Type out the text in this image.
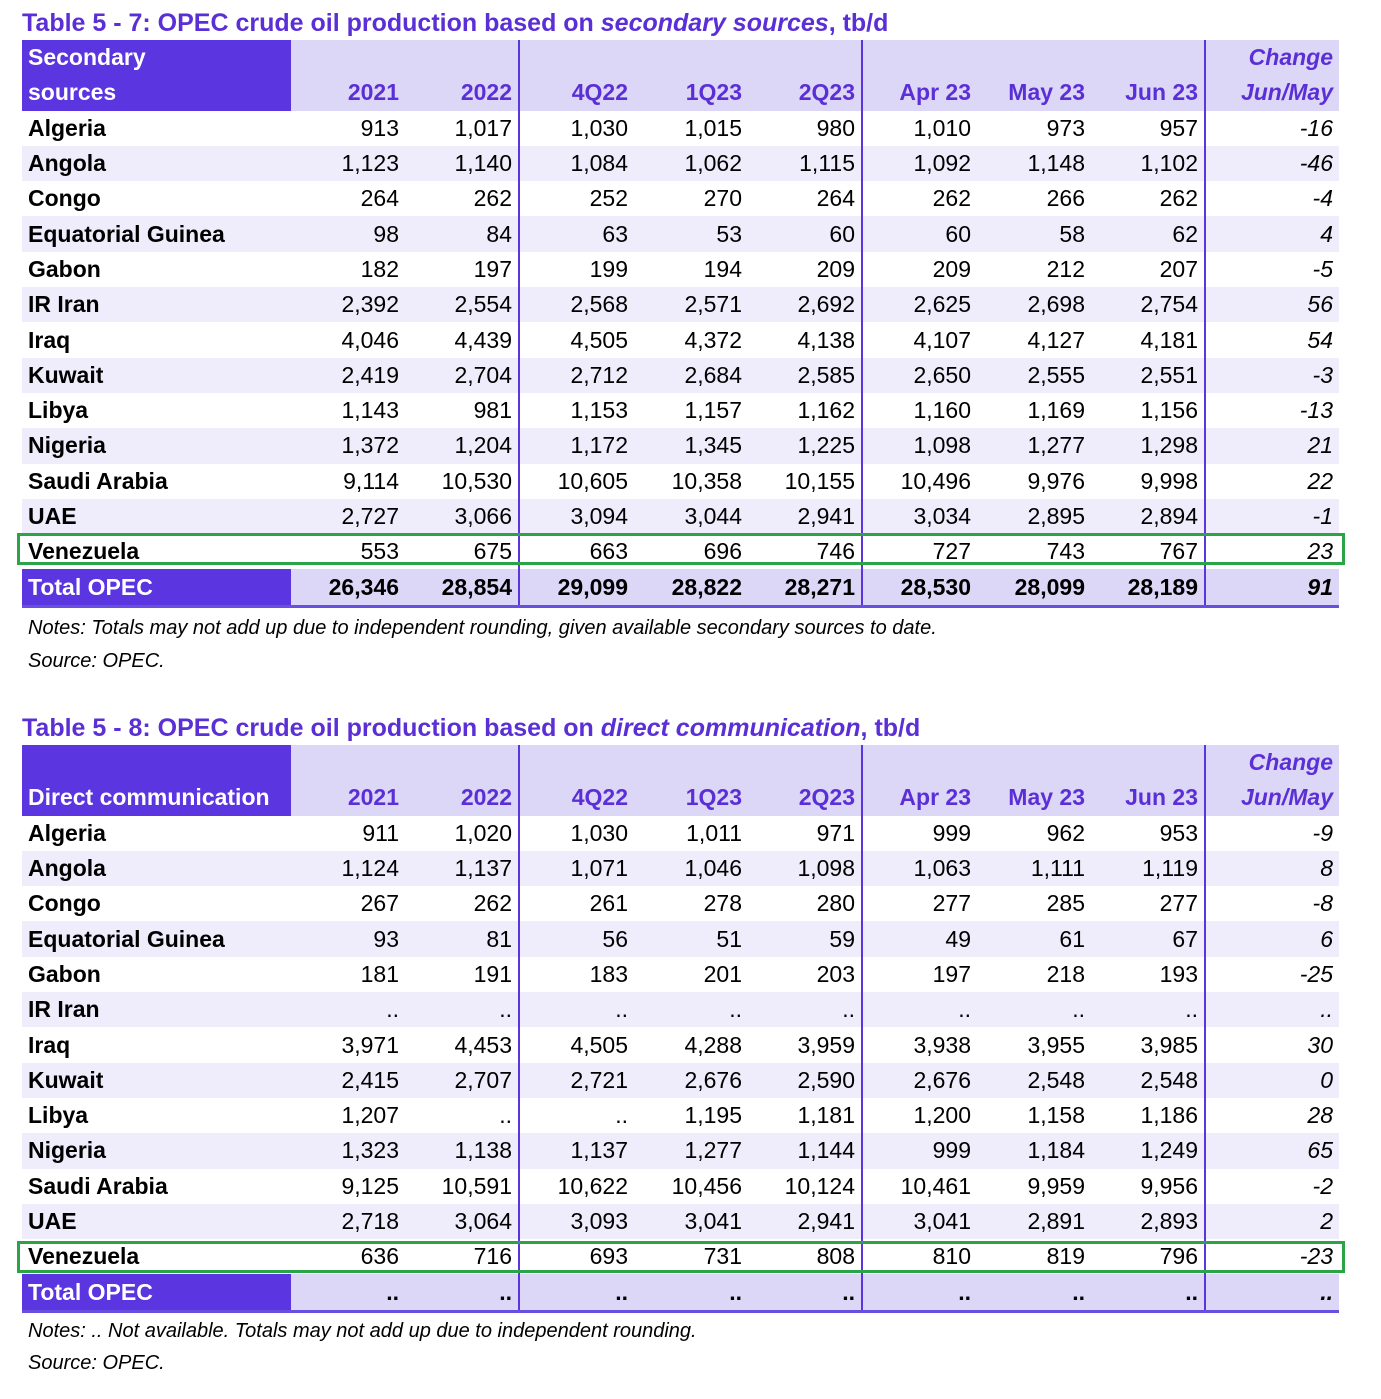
Table 5 - 7: OPEC crude oil production based on secondary sources, tb/d
Secondary									Change
sources	2021	2022	4Q22	1Q23	2Q23	Apr 23	May 23	Jun 23	Jun/May
Algeria	913	1,017	1,030	1,015	980	1,010	973	957	-16
Angola	1,123	1,140	1,084	1,062	1,115	1,092	1,148	1,102	-46
Congo	264	262	252	270	264	262	266	262	-4
Equatorial Guinea	98	84	63	53	60	60	58	62	4
Gabon	182	197	199	194	209	209	212	207	-5
IR Iran	2,392	2,554	2,568	2,571	2,692	2,625	2,698	2,754	56
Iraq	4,046	4,439	4,505	4,372	4,138	4,107	4,127	4,181	54
Kuwait	2,419	2,704	2,712	2,684	2,585	2,650	2,555	2,551	-3
Libya	1,143	981	1,153	1,157	1,162	1,160	1,169	1,156	-13
Nigeria	1,372	1,204	1,172	1,345	1,225	1,098	1,277	1,298	21
Saudi Arabia	9,114	10,530	10,605	10,358	10,155	10,496	9,976	9,998	22
UAE	2,727	3,066	3,094	3,044	2,941	3,034	2,895	2,894	-1
Venezuela	553	675	663	696	746	727	743	767	23
Total OPEC	26,346	28,854	29,099	28,822	28,271	28,530	28,099	28,189	91
Notes: Totals may not add up due to independent rounding, given available secondary sources to date.
Source: OPEC.
Table 5 - 8: OPEC crude oil production based on direct communication, tb/d
									Change
Direct communication	2021	2022	4Q22	1Q23	2Q23	Apr 23	May 23	Jun 23	Jun/May
Algeria	911	1,020	1,030	1,011	971	999	962	953	-9
Angola	1,124	1,137	1,071	1,046	1,098	1,063	1,111	1,119	8
Congo	267	262	261	278	280	277	285	277	-8
Equatorial Guinea	93	81	56	51	59	49	61	67	6
Gabon	181	191	183	201	203	197	218	193	-25
IR Iran	..	..	..	..	..	..	..	..	..
Iraq	3,971	4,453	4,505	4,288	3,959	3,938	3,955	3,985	30
Kuwait	2,415	2,707	2,721	2,676	2,590	2,676	2,548	2,548	0
Libya	1,207	..	..	1,195	1,181	1,200	1,158	1,186	28
Nigeria	1,323	1,138	1,137	1,277	1,144	999	1,184	1,249	65
Saudi Arabia	9,125	10,591	10,622	10,456	10,124	10,461	9,959	9,956	-2
UAE	2,718	3,064	3,093	3,041	2,941	3,041	2,891	2,893	2
Venezuela	636	716	693	731	808	810	819	796	-23
Total OPEC	..	..	..	..	..	..	..	..	..
Notes: .. Not available. Totals may not add up due to independent rounding.
Source: OPEC.
